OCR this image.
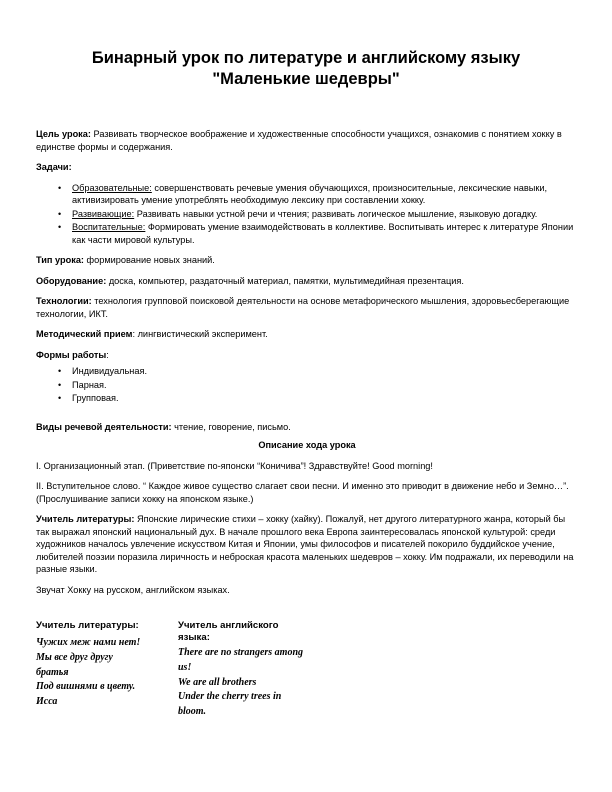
Бинарный урок по литературе и английскому языку
"Маленькие шедевры"

Цель урока: Развивать творческое воображение и художественные способности учащихся, ознакомив с понятием хокку в единстве формы и содержания.

Задачи:

• Образовательные: совершенствовать речевые умения обучающихся, произносительные, лексические навыки, активизировать умение употреблять необходимую лексику при составлении хокку.
• Развивающие: Развивать навыки устной речи и чтения; развивать логическое мышление, языковую догадку.
• Воспитательные: Формировать умение взаимодействовать в коллективе. Воспитывать интерес к литературе Японии как части мировой культуры.

Тип урока: формирование новых знаний.

Оборудование: доска, компьютер, раздаточный материал, памятки, мультимедийная презентация.

Технологии: технология групповой поисковой деятельности на основе метафорического мышления, здоровьесберегающие технологии, ИКТ.

Методический прием: лингвистический эксперимент.

Формы работы:

• Индивидуальная.
• Парная.
• Групповая.

Виды речевой деятельности: чтение, говорение, письмо.

Описание хода урока

I. Организационный этап. (Приветствие по-японски “Коничива”! Здравствуйте! Good morning!

II. Вступительное слово. “ Каждое живое существо слагает свои песни. И именно это приводит в движение небо и Земно…”. (Прослушивание записи хокку на японском языке.)

Учитель литературы: Японские лирические стихи – хокку (хайку). Пожалуй, нет другого литературного жанра, который бы так выражал японский национальный дух. В начале прошлого века Европа заинтересовалась японской культурой: среди художников началось увлечение искусством Китая и Японии, умы философов и писателей покорило буддийское учение, любителей поэзии поразила лиричность и неброская красота маленьких шедевров – хокку. Им подражали, их переводили на разные языки.

Звучат Хокку на русском, английском языках.

Учитель литературы:
Чужих меж нами нет!
Мы все друг другу
братья
Под вишнями в цвету.
Исса
Учитель английского
языка:
There are no strangers among
us!
We are all brothers
Under the cherry trees in
bloom.
